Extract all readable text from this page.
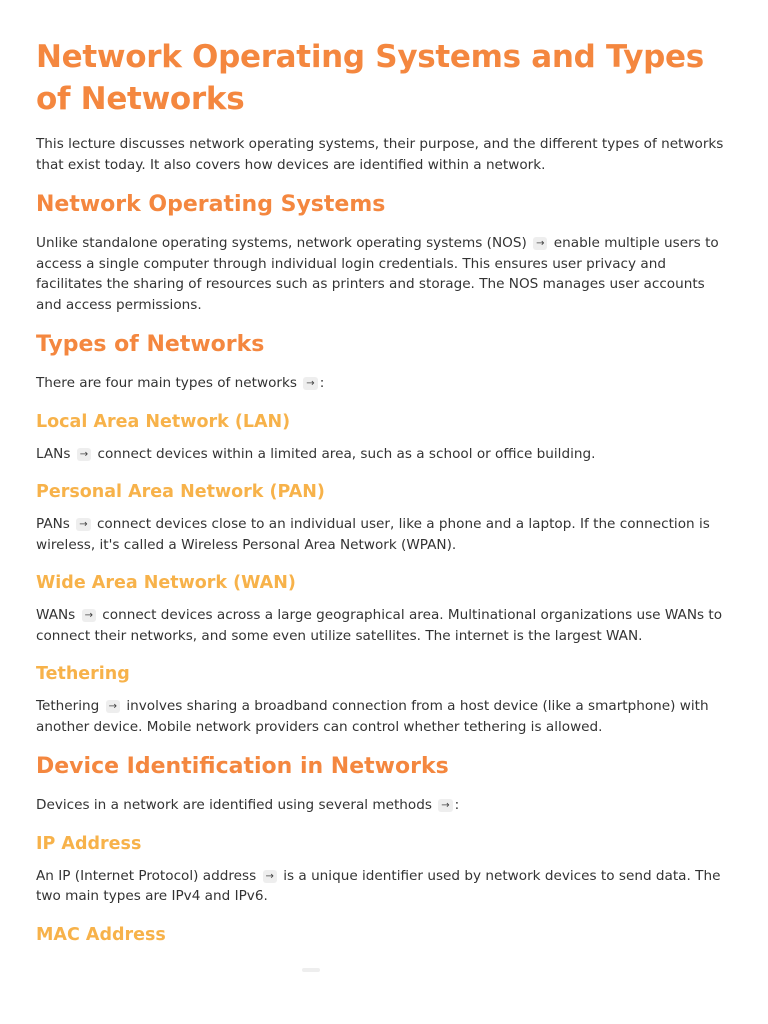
Network Operating Systems and Types of Networks

This lecture discusses network operating systems, their purpose, and the different types of networks that exist today. It also covers how devices are identified within a network.

Network Operating Systems

Unlike standalone operating systems, network operating systems (NOS) → enable multiple users to access a single computer through individual login credentials. This ensures user privacy and facilitates the sharing of resources such as printers and storage. The NOS manages user accounts and access permissions.

Types of Networks

There are four main types of networks → :

Local Area Network (LAN)

LANs → connect devices within a limited area, such as a school or office building.

Personal Area Network (PAN)

PANs → connect devices close to an individual user, like a phone and a laptop. If the connection is wireless, it's called a Wireless Personal Area Network (WPAN).

Wide Area Network (WAN)

WANs → connect devices across a large geographical area. Multinational organizations use WANs to connect their networks, and some even utilize satellites. The internet is the largest WAN.

Tethering

Tethering → involves sharing a broadband connection from a host device (like a smartphone) with another device. Mobile network providers can control whether tethering is allowed.

Device Identification in Networks

Devices in a network are identified using several methods → :

IP Address

An IP (Internet Protocol) address → is a unique identifier used by network devices to send data. The two main types are IPv4 and IPv6.

MAC Address
